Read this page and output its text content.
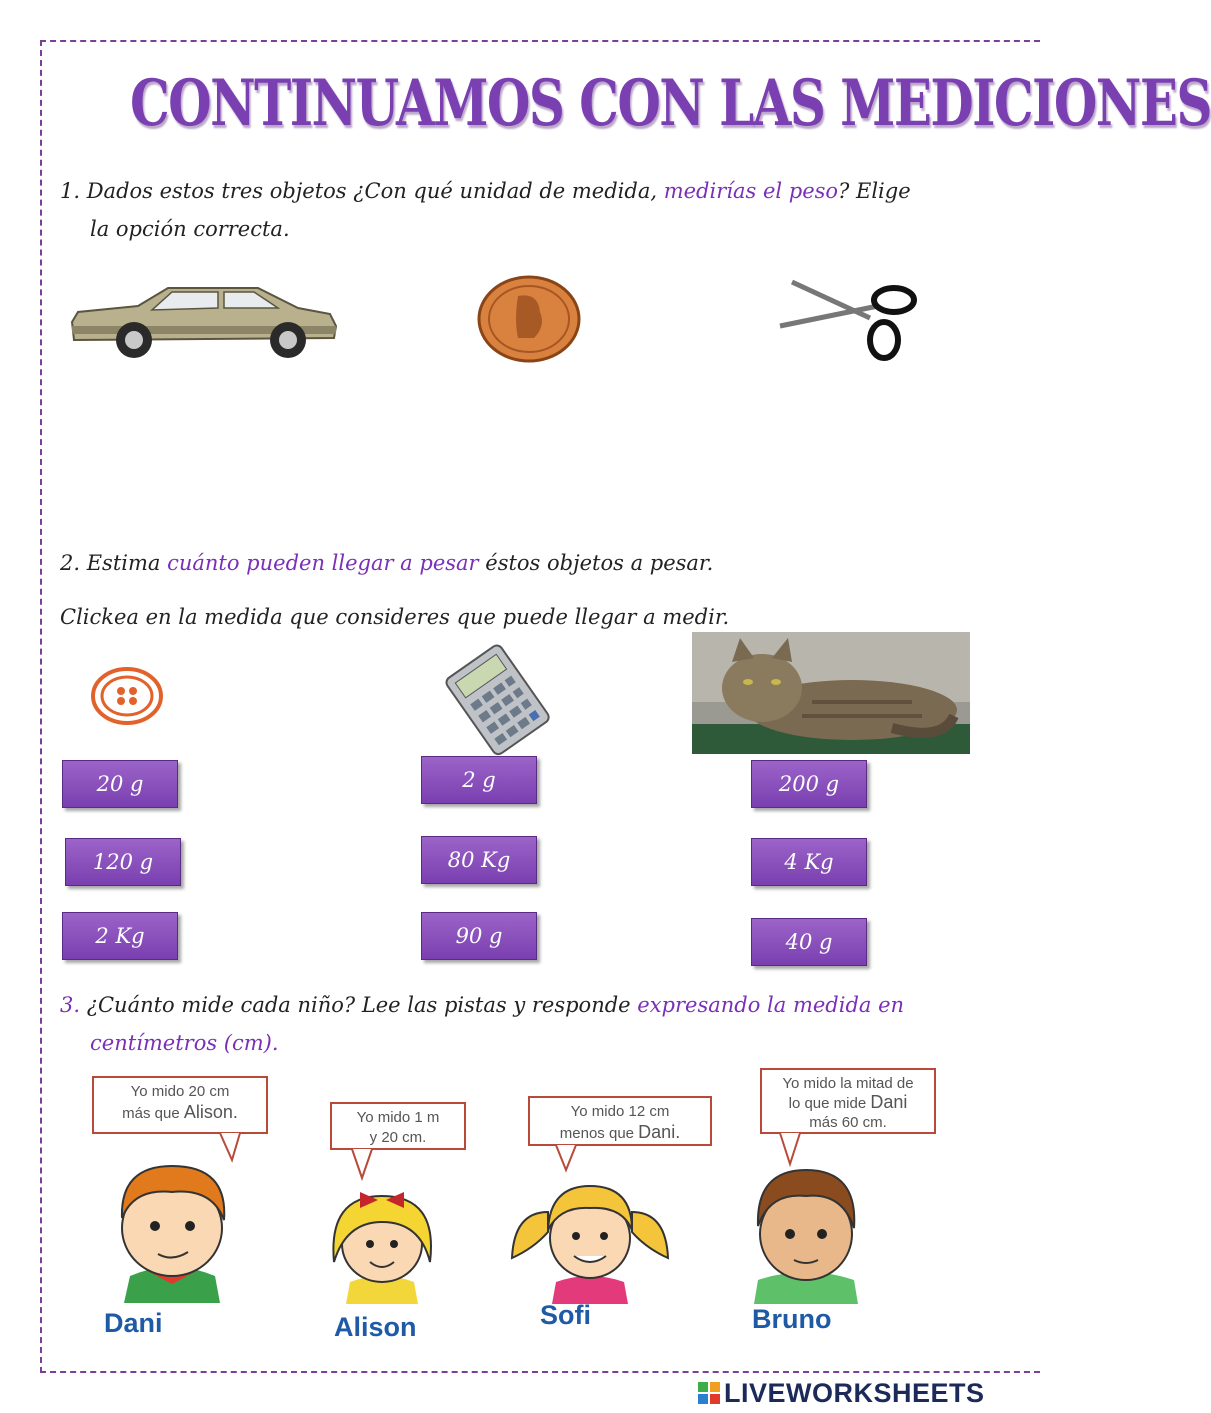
CONTINUAMOS CON LAS MEDICIONES
1. Dados estos tres objetos ¿Con qué unidad de medida, medirías el peso? Elige
la opción correcta.
2. Estima cuánto pueden llegar a pesar éstos objetos a pesar.
Clickea en la medida que consideres que puede llegar a medir.
20 g
120 g
2 Kg
2 g
80 Kg
90 g
200 g
4 Kg
40 g
3. ¿Cuánto mide cada niño? Lee las pistas y responde expresando la medida en
centímetros (cm).
Yo mido 20 cm
más que Alison.	Yo mido 1 m
y 20 cm.
Yo mido 12 cm
menos que Dani.
Yo mido la mitad de
lo que mide Dani
más 60 cm.
Dani	Alison	Sofi	Bruno
LIVEWORKSHEETS
